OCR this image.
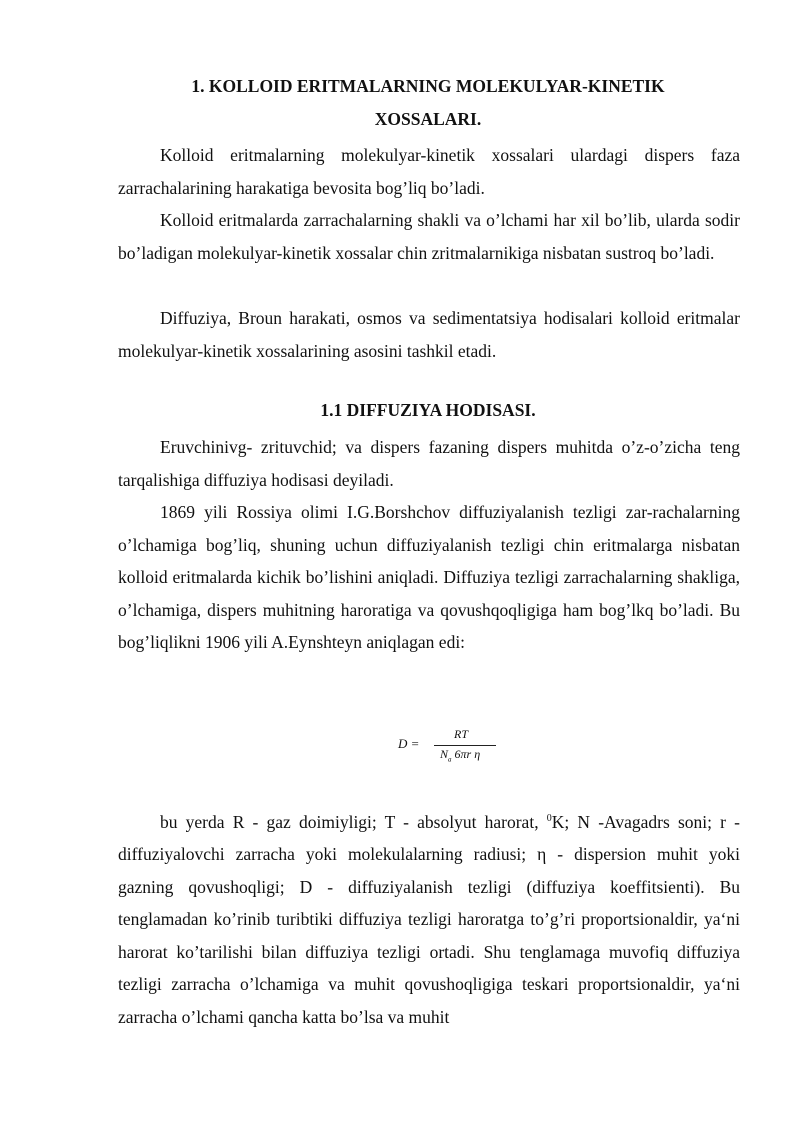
1. KOLLOID ERITMALARNING MOLEKULYAR-KINETIK
XOSSALARI.

Kolloid eritmalarning molekulyar-kinetik xossalari ulardagi dispers faza zarrachalarining harakatiga bevosita bog’liq bo’ladi.

Kolloid eritmalarda zarrachalarning shakli va o’lchami har xil bo’lib, ularda sodir bo’ladigan molekulyar-kinetik xossalar chin zritmalarnikiga nisbatan sustroq bo’ladi.

Diffuziya, Broun harakati, osmos va sedimentatsiya hodisalari kolloid eritmalar molekulyar-kinetik xossalarining asosini tashkil etadi.

1.1 DIFFUZIYA HODISASI.

Eruvchinivg- zrituvchid; va dispers fazaning dispers muhitda o’z-o’zicha teng tarqalishiga diffuziya hodisasi deyiladi.

1869 yili Rossiya olimi I.G.Borshchov diffuziyalanish tezligi zar-rachalarning o’lchamiga bog’liq, shuning uchun diffuziyalanish tezligi chin eritmalarga nisbatan kolloid eritmalarda kichik bo’lishini aniqladi. Diffuziya tezligi zarrachalarning shakliga, o’lchamiga, dispers muhitning haroratiga va qovushqoqligiga ham bog’lkq bo’ladi. Bu bog’liqlikni 1906 yili A.Eynshteyn aniqlagan edi:

D =
RT
$N_a$ 6πr η

bu yerda R - gaz doimiyligi; T - absolyut harorat, $^0$K; N -Avagadrs soni; r - diffuziyalovchi zarracha yoki molekulalarning radiusi; η - dispersion muhit yoki gazning qovushoqligi; D - diffuziyalanish tezligi (diffuziya koeffitsienti). Bu tenglamadan ko’rinib turibtiki diffuziya tezligi haroratga to’g’ri proportsionaldir, ya‘ni harorat ko’tarilishi bilan diffuziya tezligi ortadi. Shu tenglamaga muvofiq diffuziya tezligi zarracha o’lchamiga va muhit qovushoqligiga teskari proportsionaldir, ya‘ni zarracha o’lchami qancha katta bo’lsa va muhit
